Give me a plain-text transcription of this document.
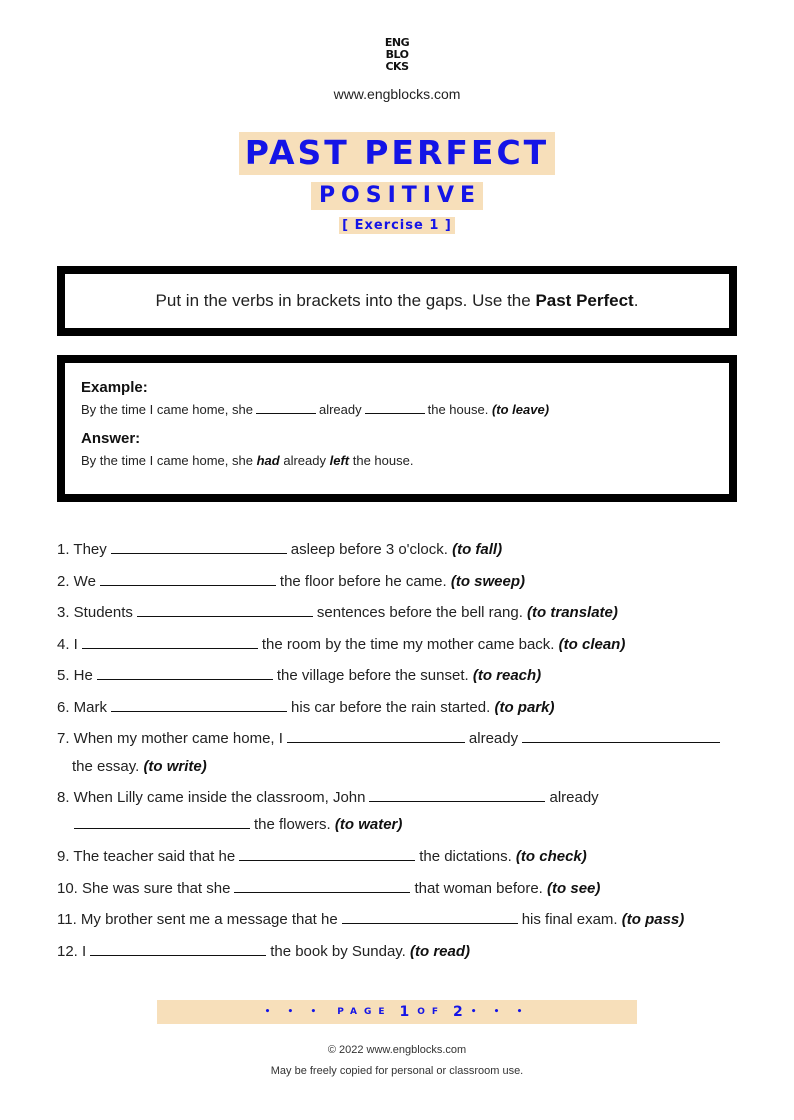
ENG
BLO
CKS
www.engblocks.com
PAST PERFECT
POSITIVE
[ Exercise 1 ]
Put in the verbs in brackets into the gaps. Use the Past Perfect.
Example:
By the time I came home, she	already	the house. (to leave)
Answer:
By the time I came home, she had already left the house.
1. They	asleep before 3 o'clock. (to fall)
2. We	the floor before he came. (to sweep)
3. Students	sentences before the bell rang. (to translate)
4. I	the room by the time my mother came back. (to clean)
5. He	the village before the sunset. (to reach)
6. Mark	his car before the rain started. (to park)
7. When my mother came home, I	already
the essay. (to write)
8. When Lilly came inside the classroom, John	already
the flowers. (to water)
9. The teacher said that he	the dictations. (to check)
10. She was sure that she	that woman before. (to see)
11. My brother sent me a message that he	his final exam. (to pass)
12. I	the book by Sunday. (to read)
• • • PAGE 1 OF 2 • • •
© 2022 www.engblocks.com
May be freely copied for personal or classroom use.
